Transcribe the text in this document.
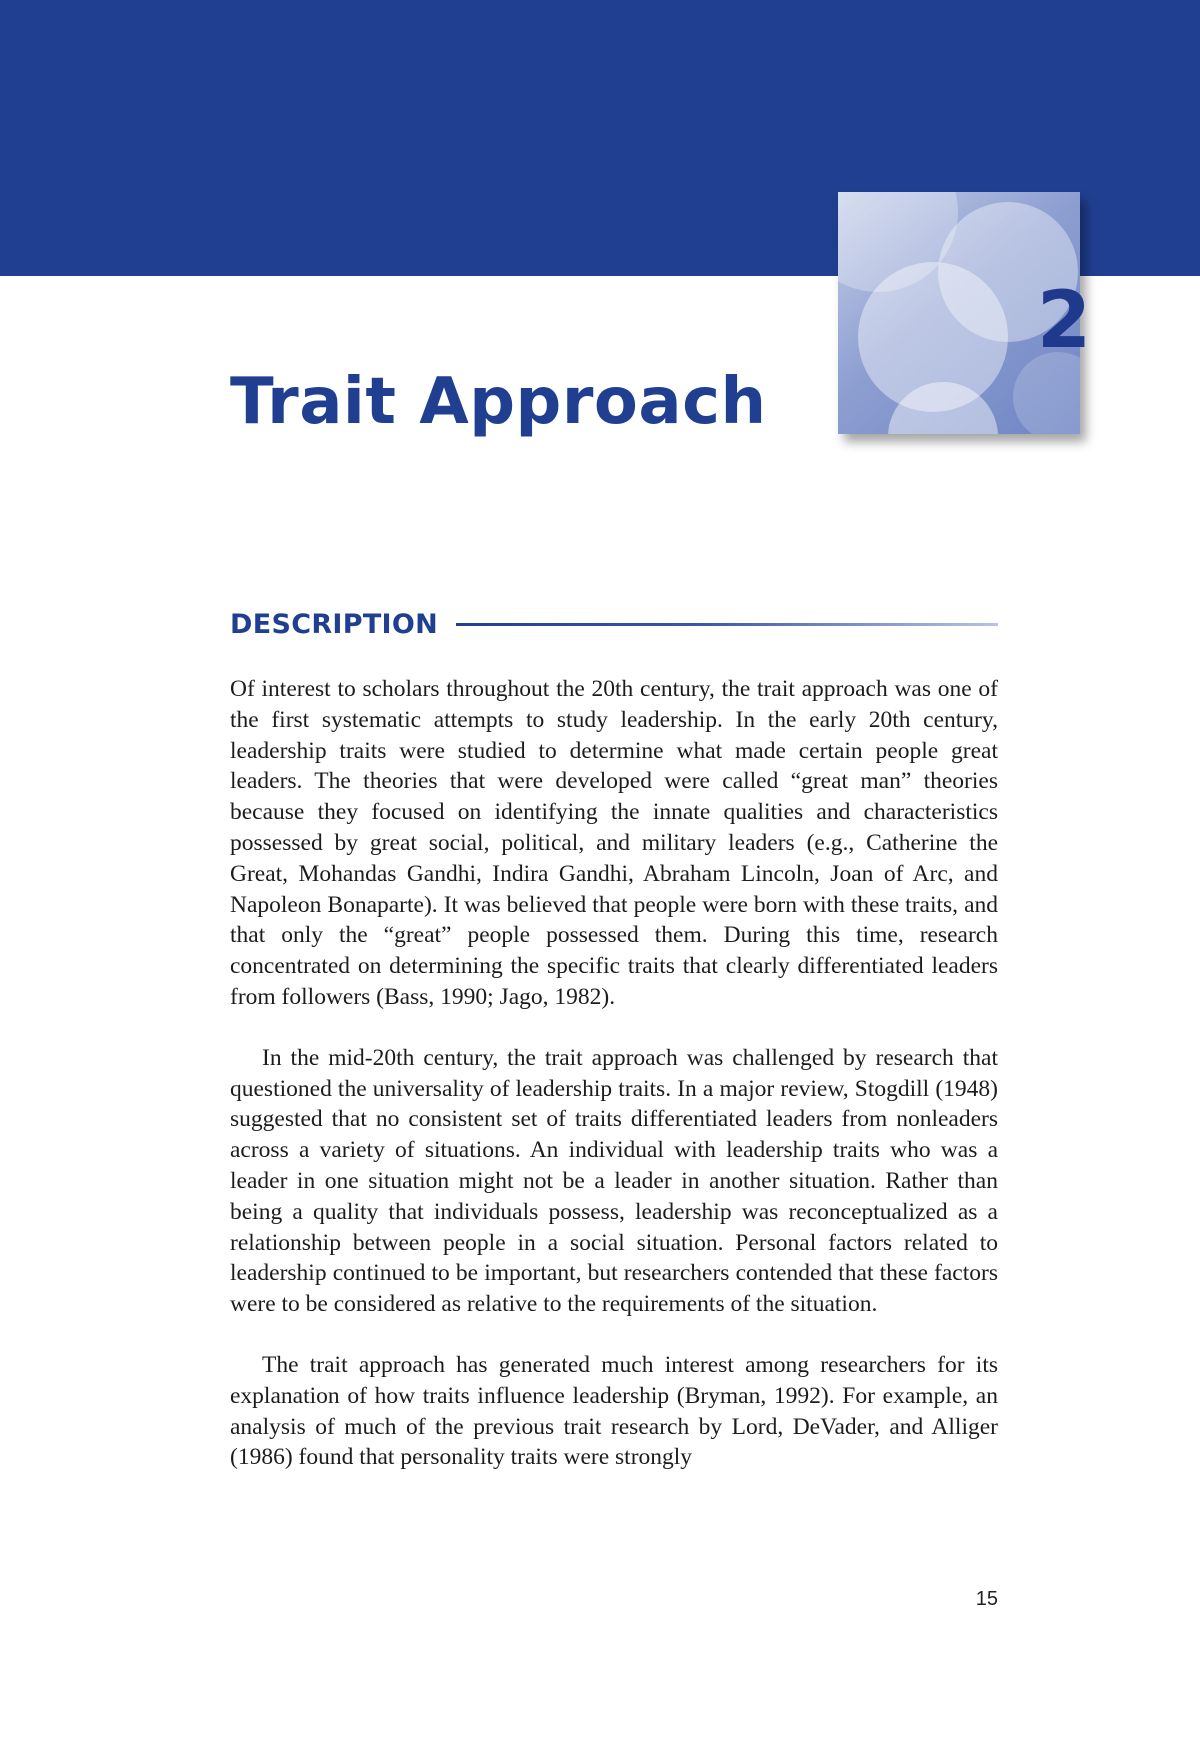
2
Trait Approach
DESCRIPTION

Of interest to scholars throughout the 20th century, the trait approach was one of the first systematic attempts to study leadership. In the early 20th century, leadership traits were studied to determine what made certain people great leaders. The theories that were developed were called “great man” theories because they focused on identifying the innate qualities and characteristics possessed by great social, political, and military leaders (e.g., Catherine the Great, Mohandas Gandhi, Indira Gandhi, Abraham Lincoln, Joan of Arc, and Napoleon Bonaparte). It was believed that people were born with these traits, and that only the “great” people possessed them. During this time, research concentrated on determining the specific traits that clearly differentiated leaders from followers (Bass, 1990; Jago, 1982).

In the mid-20th century, the trait approach was challenged by research that questioned the universality of leadership traits. In a major review, Stogdill (1948) suggested that no consistent set of traits differentiated leaders from nonleaders across a variety of situations. An individual with leadership traits who was a leader in one situation might not be a leader in another situation. Rather than being a quality that individuals possess, leadership was reconceptualized as a relationship between people in a social situation. Personal factors related to leadership continued to be important, but researchers contended that these factors were to be considered as relative to the requirements of the situation.

The trait approach has generated much interest among researchers for its explanation of how traits influence leadership (Bryman, 1992). For example, an analysis of much of the previous trait research by Lord, DeVader, and Alliger (1986) found that personality traits were strongly

15
